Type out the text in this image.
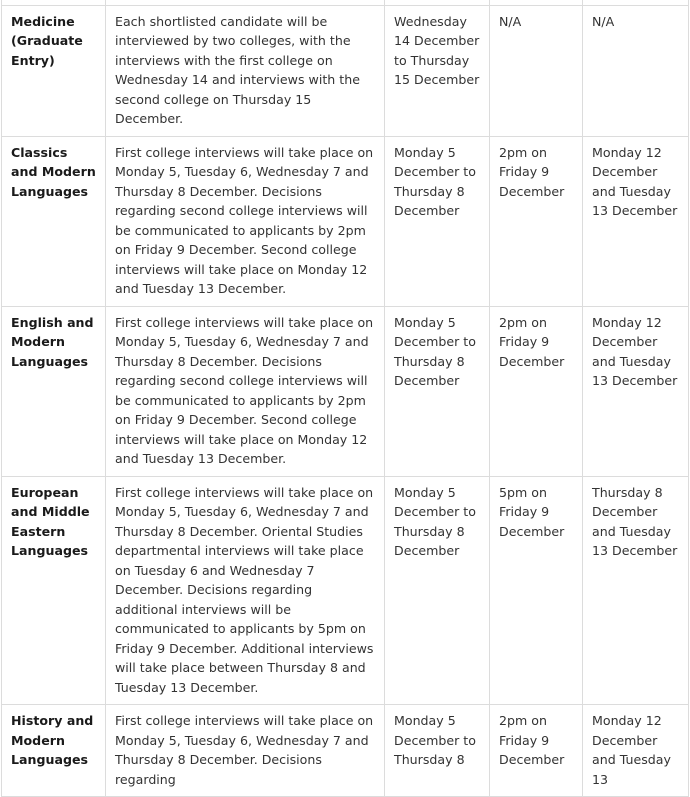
Medicine (Graduate Entry)	Each shortlisted candidate will be interviewed by two colleges, with the interviews with the first college on Wednesday 14 and interviews with the second college on Thursday 15 December.	Wednesday 14 December to Thursday 15 December	N/A	N/A
Classics and Modern Languages	First college interviews will take place on Monday 5, Tuesday 6, Wednesday 7 and Thursday 8 December. Decisions regarding second college interviews will be communicated to applicants by 2pm on Friday 9 December. Second college interviews will take place on Monday 12 and Tuesday 13 December.	Monday 5 December to Thursday 8 December	2pm on Friday 9 December	Monday 12 December and Tuesday 13 December
English and Modern Languages	First college interviews will take place on Monday 5, Tuesday 6, Wednesday 7 and Thursday 8 December. Decisions regarding second college interviews will be communicated to applicants by 2pm on Friday 9 December. Second college interviews will take place on Monday 12 and Tuesday 13 December.	Monday 5 December to Thursday 8 December	2pm on Friday 9 December	Monday 12 December and Tuesday 13 December
European and Middle Eastern Languages	First college interviews will take place on Monday 5, Tuesday 6, Wednesday 7 and Thursday 8 December. Oriental Studies departmental interviews will take place on Tuesday 6 and Wednesday 7 December. Decisions regarding additional interviews will be communicated to applicants by 5pm on Friday 9 December. Additional interviews will take place between Thursday 8 and Tuesday 13 December.	Monday 5 December to Thursday 8 December	5pm on Friday 9 December	Thursday 8 December and Tuesday 13 December
History and Modern Languages	First college interviews will take place on Monday 5, Tuesday 6, Wednesday 7 and Thursday 8 December. Decisions regarding	Monday 5 December to Thursday 8	2pm on Friday 9 December	Monday 12 December and Tuesday 13
